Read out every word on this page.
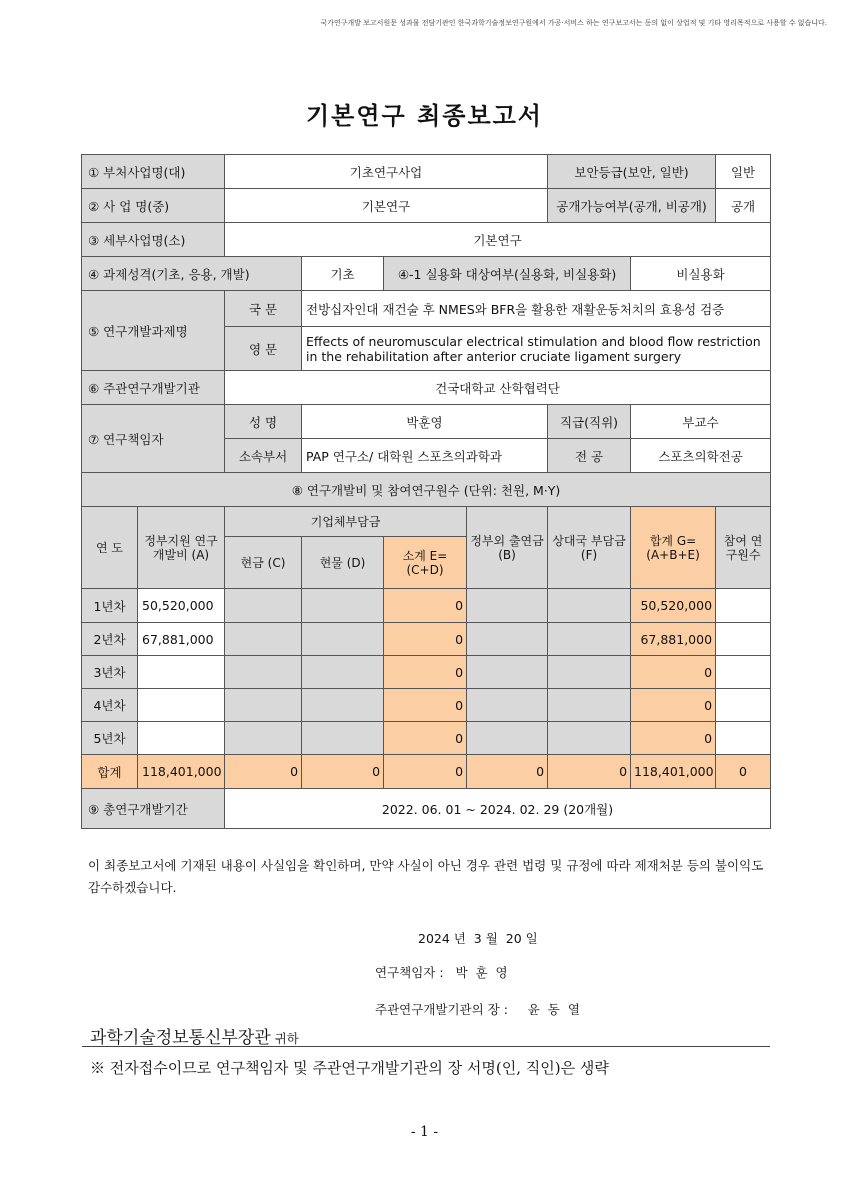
국가연구개발 보고서원문 성과물 전담기관인 한국과학기술정보연구원에서 가공·서비스 하는 연구보고서는 동의 없이 상업적 및 기타 영리목적으로 사용할 수 없습니다.
기본연구 최종보고서
① 부처사업명(대)		기초연구사업				보안등급(보안, 일반)		일반
② 사 업 명(중)		기본연구				공개가능여부(공개, 비공개)		공개
③ 세부사업명(소)		기본연구						
④ 과제성격(기초, 응용, 개발)			기초	④-1 실용화 대상여부(실용화, 비실용화)			비실용화	
⑤ 연구개발과제명		국 문	전방십자인대 재건술 후 NMES와 BFR을 활용한 재활운동처치의 효용성 검증					
		영 문	Effects of neuromuscular electrical stimulation and blood flow restriction in the rehabilitation after anterior cruciate ligament surgery					
⑥ 주관연구개발기관		건국대학교 산학협력단						
⑦ 연구책임자		성 명	박훈영			직급(직위)	부교수	
		소속부서	PAP 연구소/ 대학원 스포츠의과학과			전 공	스포츠의학전공	
⑧ 연구개발비 및 참여연구원수 (단위: 천원, M·Y)								
연 도	정부지원 연구개발비 (A)	기업체부담금			정부외 출연금 (B)	상대국 부담금 (F)	합계 G=(A+B+E)	참여 연구원수
		현금 (C)	현물 (D)	소계 E=(C+D)				
1년차	50,520,000			0			50,520,000	
2년차	67,881,000			0			67,881,000	
3년차				0			0	
4년차				0			0	
5년차				0			0	
합계	118,401,000	0	0	0	0	0	118,401,000	0
⑨ 총연구개발기간		2022. 06. 01 ~ 2024. 02. 29 (20개월)						
이 최종보고서에 기재된 내용이 사실임을 확인하며, 만약 사실이 아닌 경우 관련 법령 및 규정에 따라 제재처분 등의 불이익도 감수하겠습니다.
2024 년  3 월  20 일
연구책임자 :   박  훈  영
주관연구개발기관의 장 :     윤  동  열
과학기술정보통신부장관 귀하
※ 전자접수이므로 연구책임자 및 주관연구개발기관의 장 서명(인, 직인)은 생략
- 1 -
